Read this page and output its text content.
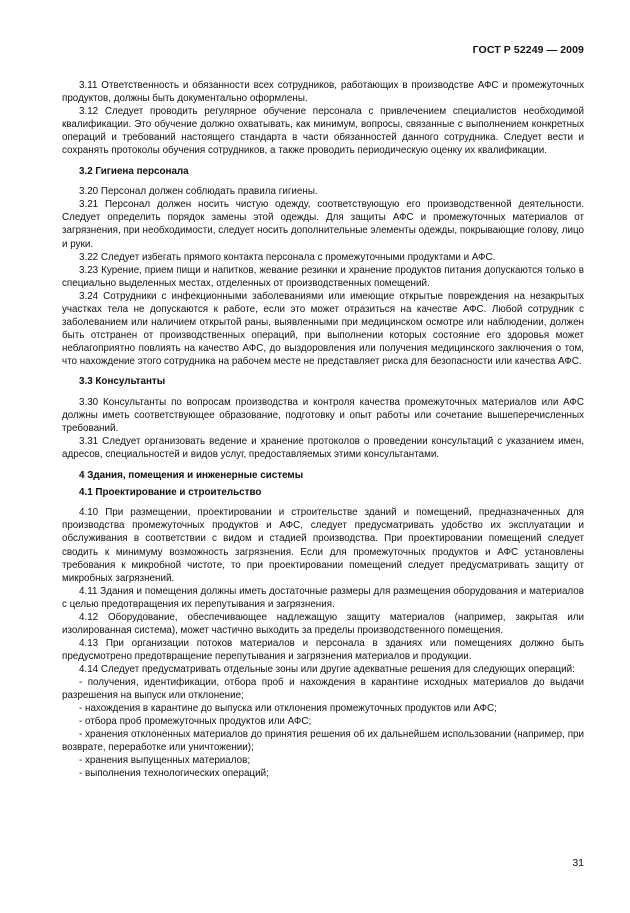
ГОСТ Р 52249 — 2009

3.11 Ответственность и обязанности всех сотрудников, работающих в производстве АФС и промежуточных продуктов, должны быть документально оформлены.

3.12 Следует проводить регулярное обучение персонала с привлечением специалистов необходимой квалификации. Это обучение должно охватывать, как минимум, вопросы, связанные с выполнением конкретных операций и требований настоящего стандарта в части обязанностей данного сотрудника. Следует вести и сохранять протоколы обучения сотрудников, а также проводить периодическую оценку их квалификации.

3.2 Гигиена персонала

3.20 Персонал должен соблюдать правила гигиены.

3.21 Персонал должен носить чистую одежду, соответствующую его производственной деятельности. Следует определить порядок замены этой одежды. Для защиты АФС и промежуточных материалов от загрязнения, при необходимости, следует носить дополнительные элементы одежды, покрывающие голову, лицо и руки.

3.22 Следует избегать прямого контакта персонала с промежуточными продуктами и АФС.

3.23 Курение, прием пищи и напитков, жевание резинки и хранение продуктов питания допускаются только в специально выделенных местах, отделенных от производственных помещений.

3.24 Сотрудники с инфекционными заболеваниями или имеющие открытые повреждения на незакрытых участках тела не допускаются к работе, если это может отразиться на качестве АФС. Любой сотрудник с заболеванием или наличием открытой раны, выявленными при медицинском осмотре или наблюдении, должен быть отстранен от производственных операций, при выполнении которых состояние его здоровья может неблагоприятно повлиять на качество АФС, до выздоровления или получения медицинского заключения о том, что нахождение этого сотрудника на рабочем месте не представляет риска для безопасности или качества АФС.

3.3 Консультанты

3.30 Консультанты по вопросам производства и контроля качества промежуточных материалов или АФС должны иметь соответствующее образование, подготовку и опыт работы или сочетание вышеперечисленных требований.

3.31 Следует организовать ведение и хранение протоколов о проведении консультаций с указанием имен, адресов, специальностей и видов услуг, предоставляемых этими консультантами.

4 Здания, помещения и инженерные системы

4.1 Проектирование и строительство

4.10 При размещении, проектировании и строительстве зданий и помещений, предназначенных для производства промежуточных продуктов и АФС, следует предусматривать удобство их эксплуатации и обслуживания в соответствии с видом и стадией производства. При проектировании помещений следует сводить к минимуму возможность загрязнения. Если для промежуточных продуктов и АФС установлены требования к микробной чистоте, то при проектировании помещений следует предусматривать защиту от микробных загрязнений.

4.11 Здания и помещения должны иметь достаточные размеры для размещения оборудования и материалов с целью предотвращения их перепутывания и загрязнения.

4.12 Оборудование, обеспечивающее надлежащую защиту материалов (например, закрытая или изолированная система), может частично выходить за пределы производственного помещения.

4.13 При организации потоков материалов и персонала в зданиях или помещениях должно быть предусмотрено предотвращение перепутывания и загрязнения материалов и продукции.

4.14 Следует предусматривать отдельные зоны или другие адекватные решения для следующих операций:

- получения, идентификации, отбора проб и нахождения в карантине исходных материалов до выдачи разрешения на выпуск или отклонение;

- нахождения в карантине до выпуска или отклонения промежуточных продуктов или АФС;

- отбора проб промежуточных продуктов или АФС;

- хранения отклоненных материалов до принятия решения об их дальнейшем использовании (например, при возврате, переработке или уничтожении);

- хранения выпущенных материалов;

- выполнения технологических операций;

31
